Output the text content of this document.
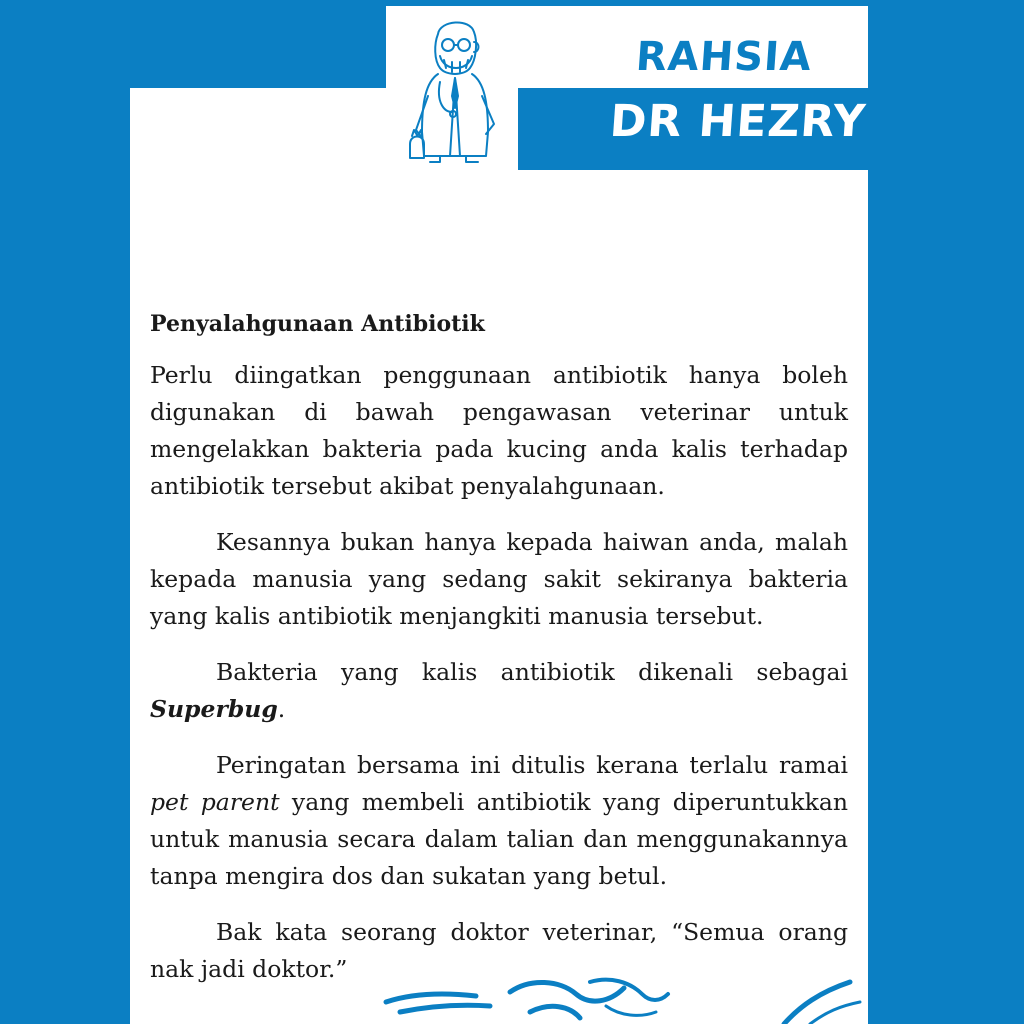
RAHSIA
DR HEZRY
Penyalahgunaan Antibiotik

Perlu diingatkan penggunaan antibiotik hanya boleh digunakan di bawah pengawasan veterinar untuk mengelakkan bakteria pada kucing anda kalis terhadap antibiotik tersebut akibat penyalahgunaan.

Kesannya bukan hanya kepada haiwan anda, malah kepada manusia yang sedang sakit sekiranya bakteria yang kalis antibiotik menjangkiti manusia tersebut.

Bakteria yang kalis antibiotik dikenali sebagai Superbug.

Peringatan bersama ini ditulis kerana terlalu ramai pet parent yang membeli antibiotik yang diperuntukkan untuk manusia secara dalam talian dan menggunakannya tanpa mengira dos dan sukatan yang betul.

Bak kata seorang doktor veterinar, “Semua orang nak jadi doktor.”
